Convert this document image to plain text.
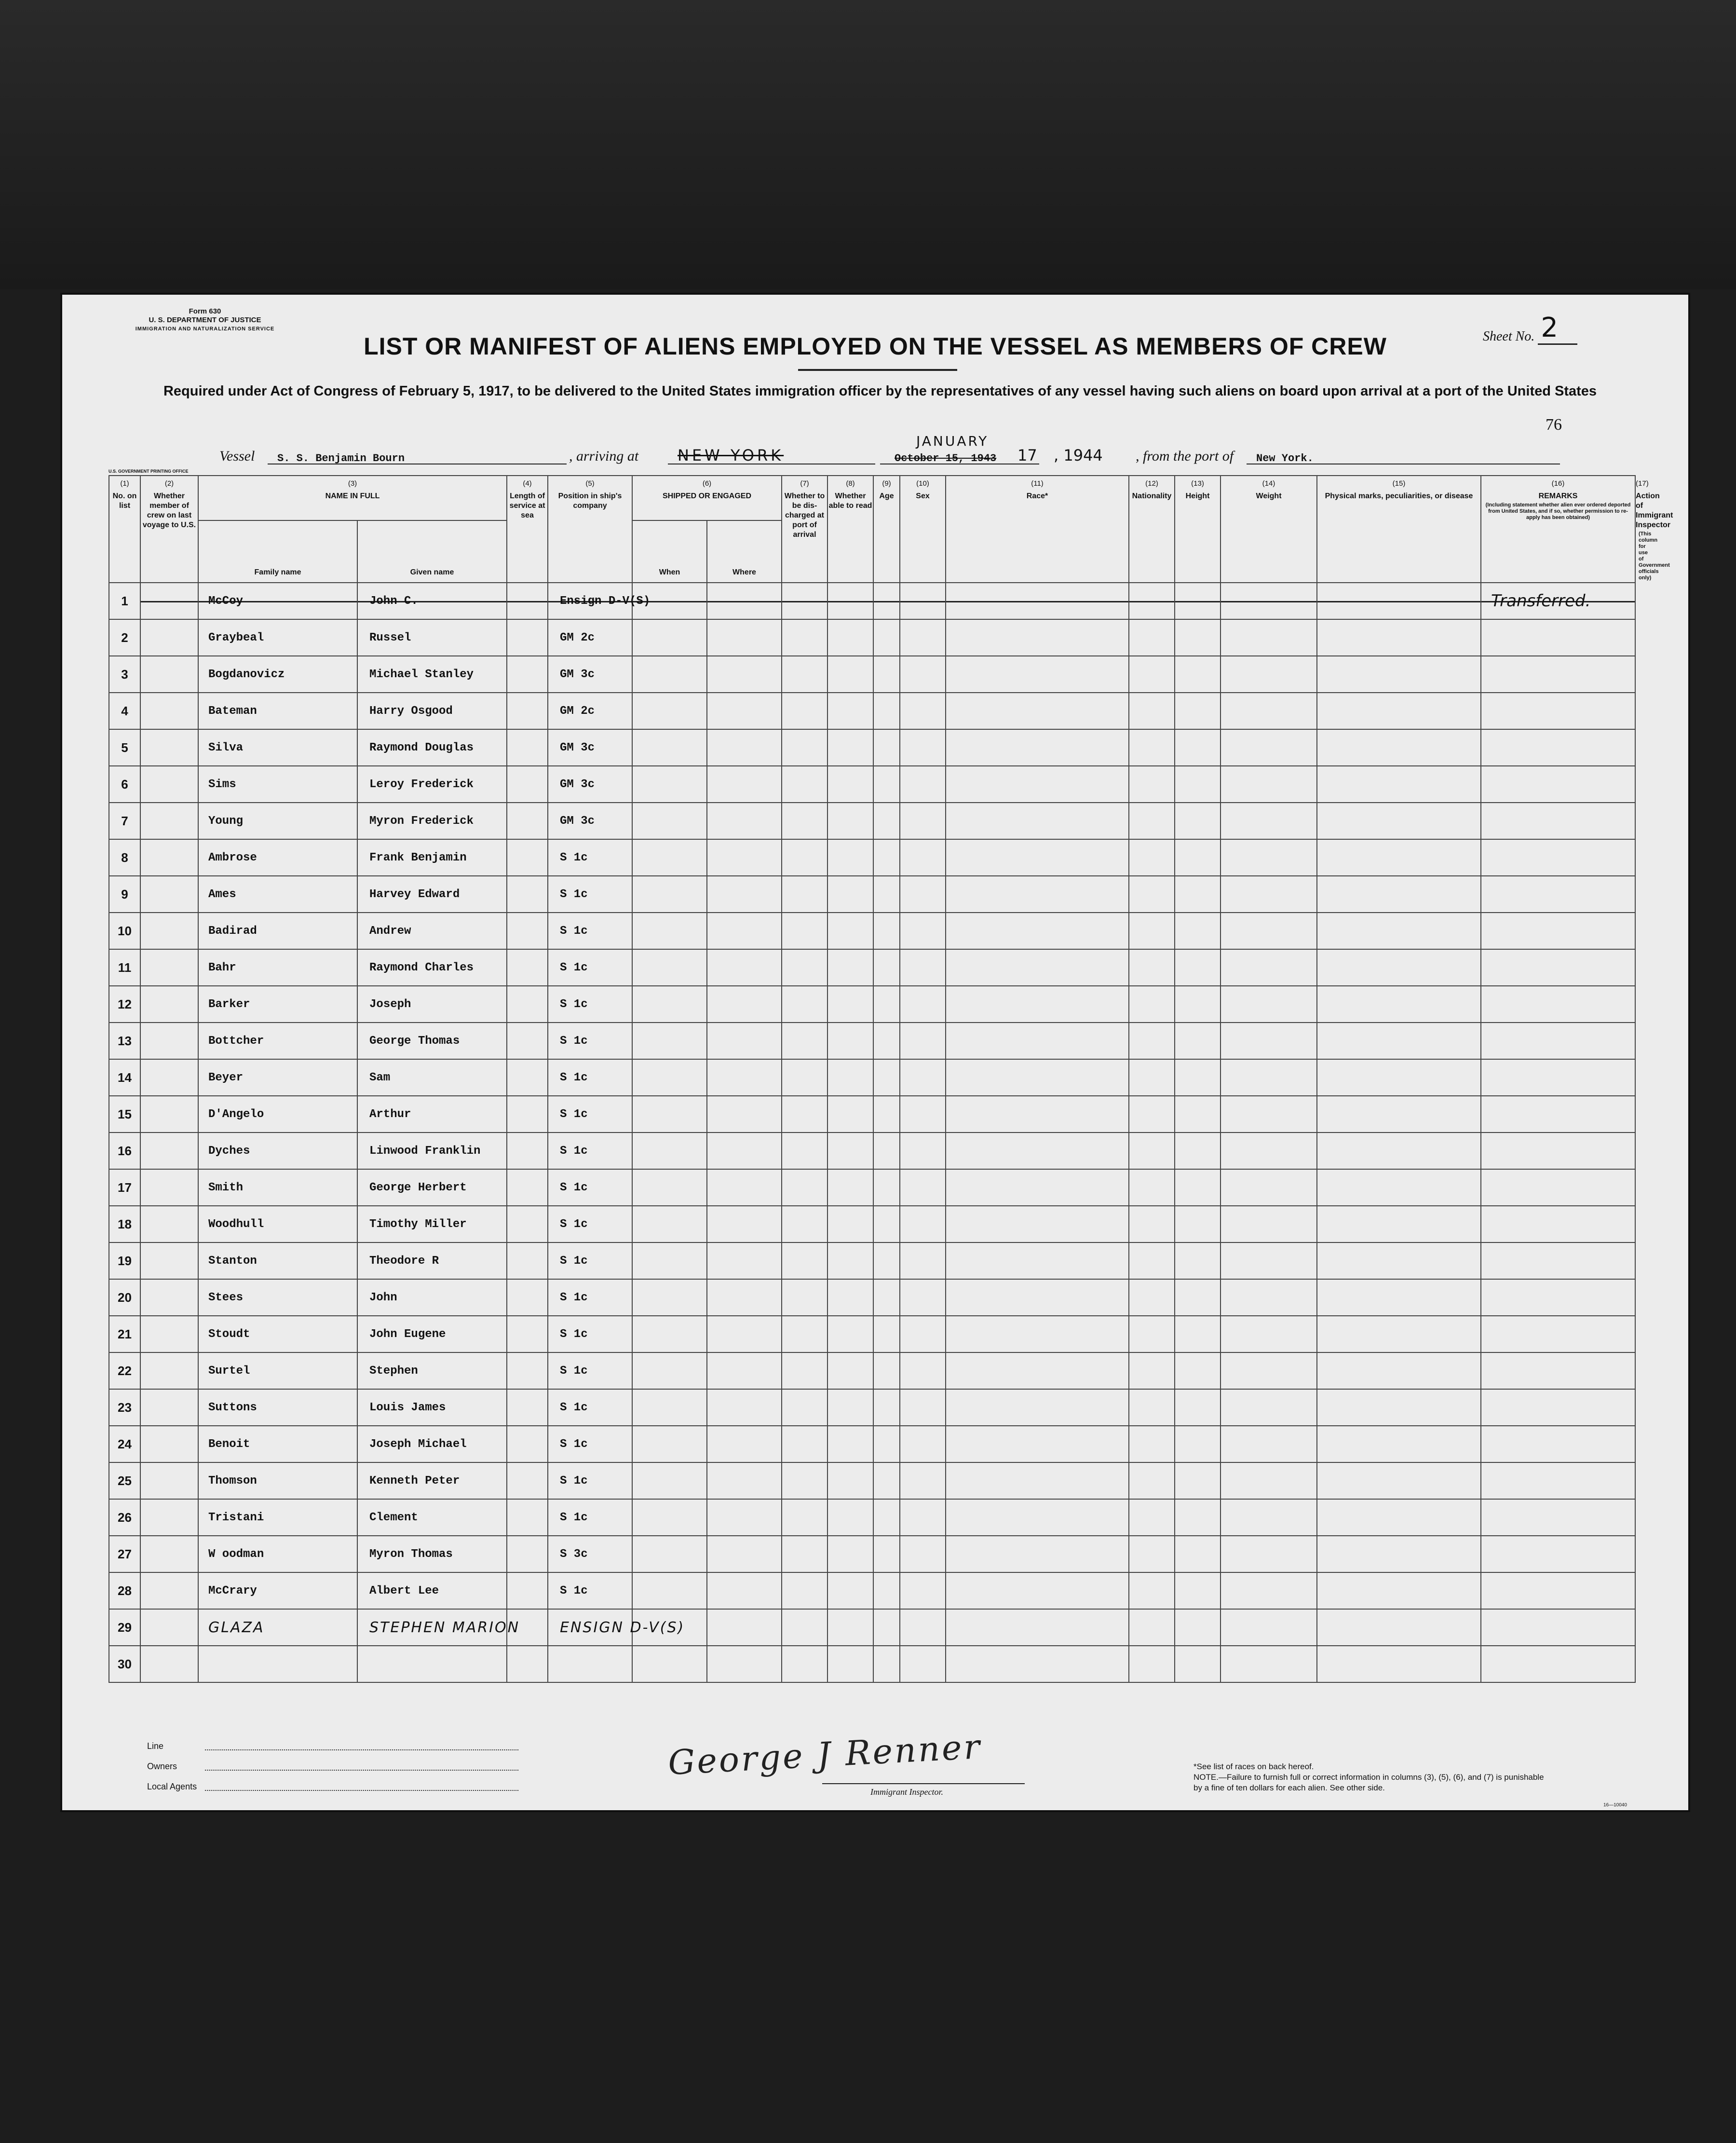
Form 630
U. S. DEPARTMENT OF JUSTICE
IMMIGRATION AND NATURALIZATION SERVICE	Sheet No. 2
LIST OR MANIFEST OF ALIENS EMPLOYED ON THE VESSEL AS MEMBERS OF CREW
Required under Act of Congress of February 5, 1917, to be delivered to the United States immigration officer by the representatives of any vessel having such aliens on board upon arrival at a port of the United States
76
Vessel S. S. Benjamin Bourn	, arriving at	NEW YORK	October 15, 1943
JANUARY
17 , 1944 , from the port of New York.
U.S. GOVERNMENT PRINTING OFFICE
(1)
No. on list	(2)
Whether member of crew on last voyage to U.S.	(3)
NAME IN FULL		(4)
Length of service at sea	(5)
Position in ship's company	(6)
SHIPPED OR ENGAGED		(7)
Whether to be dis-charged at port of arrival	(8)
Whether able to read	(9)
Age	(10)
Sex	(11)
Race*	(12)
Nationality	(13)
Height	(14)
Weight	(15)
Physical marks, peculiarities, or disease	(16)
REMARKS

(Including statement whether alien ever ordered deported from United States, and if so, whether permission to re-apply has been obtained)	(17)
Action of Immigrant Inspector

(This column for use of Government officials only)

		Family name	Given name			When	Where											
1		McCoy	John C.		Ensign D-V(S)												Transferred.	
2		Graybeal	Russel		GM 2c													
3		Bogdanovicz	Michael Stanley		GM 3c													
4		Bateman	Harry Osgood		GM 2c													
5		Silva	Raymond Douglas		GM 3c													
6		Sims	Leroy Frederick		GM 3c													
7		Young	Myron Frederick		GM 3c													
8		Ambrose	Frank Benjamin		S 1c													
9		Ames	Harvey Edward		S 1c													
10		Badirad	Andrew		S 1c													
11		Bahr	Raymond Charles		S 1c													
12		Barker	Joseph		S 1c													
13		Bottcher	George Thomas		S 1c													
14		Beyer	Sam		S 1c													
15		D'Angelo	Arthur		S 1c													
16		Dyches	Linwood Franklin		S 1c													
17		Smith	George Herbert		S 1c													
18		Woodhull	Timothy Miller		S 1c													
19		Stanton	Theodore R		S 1c													
20		Stees	John		S 1c													
21		Stoudt	John Eugene		S 1c													
22		Surtel	Stephen		S 1c													
23		Suttons	Louis James		S 1c													
24		Benoit	Joseph Michael		S 1c													
25		Thomson	Kenneth Peter		S 1c													
26		Tristani	Clement		S 1c													
27		W oodman	Myron Thomas		S 3c													
28		McCrary	Albert Lee		S 1c													
29		GLAZA	STEPHEN MARION		ENSIGN D-V(S)													
30																		
Line
Owners
Local Agents
George J Renner
Immigrant Inspector.
*See list of races on back hereof.
NOTE.—Failure to furnish full or correct information in columns (3), (5), (6), and (7) is punishable by a fine of ten dollars for each alien. See other side.
16—10040
